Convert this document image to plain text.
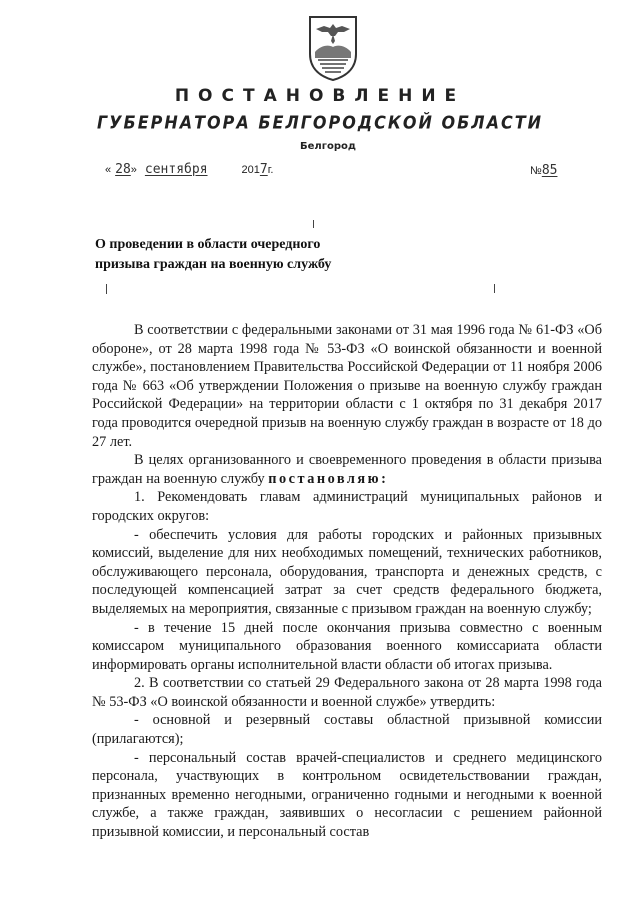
ПОСТАНОВЛЕНИЕ
ГУБЕРНАТОРА БЕЛГОРОДСКОЙ ОБЛАСТИ
Белгород
« 28» сентября	2017г.	№85
О проведении в области очередного
призыва граждан на военную службу

В соответствии с федеральными законами от 31 мая 1996 года № 61-ФЗ «Об обороне», от 28 марта 1998 года № 53-ФЗ «О воинской обязанности и военной службе», постановлением Правительства Российской Федерации от 11 ноября 2006 года № 663 «Об утверждении Положения о призыве на военную службу граждан Российской Федерации» на территории области с 1 октября по 31 декабря 2017 года проводится очередной призыв на военную службу граждан в возрасте от 18 до 27 лет.

В целях организованного и своевременного проведения в области призыва граждан на военную службу постановляю:

1. Рекомендовать главам администраций муниципальных районов и городских округов:

- обеспечить условия для работы городских и районных призывных комиссий, выделение для них необходимых помещений, технических работников, обслуживающего персонала, оборудования, транспорта и денежных средств, с последующей компенсацией затрат за счет средств федерального бюджета, выделяемых на мероприятия, связанные с призывом граждан на военную службу;

- в течение 15 дней после окончания призыва совместно с военным комиссаром муниципального образования военного комиссариата области информировать органы исполнительной власти области об итогах призыва.

2. В соответствии со статьей 29 Федерального закона от 28 марта 1998 года № 53-ФЗ «О воинской обязанности и военной службе» утвердить:

- основной и резервный составы областной призывной комиссии (прилагаются);

- персональный состав врачей-специалистов и среднего медицинского персонала, участвующих в контрольном освидетельствовании граждан, признанных временно негодными, ограниченно годными и негодными к военной службе, а также граждан, заявивших о несогласии с решением районной призывной комиссии, и персональный состав
